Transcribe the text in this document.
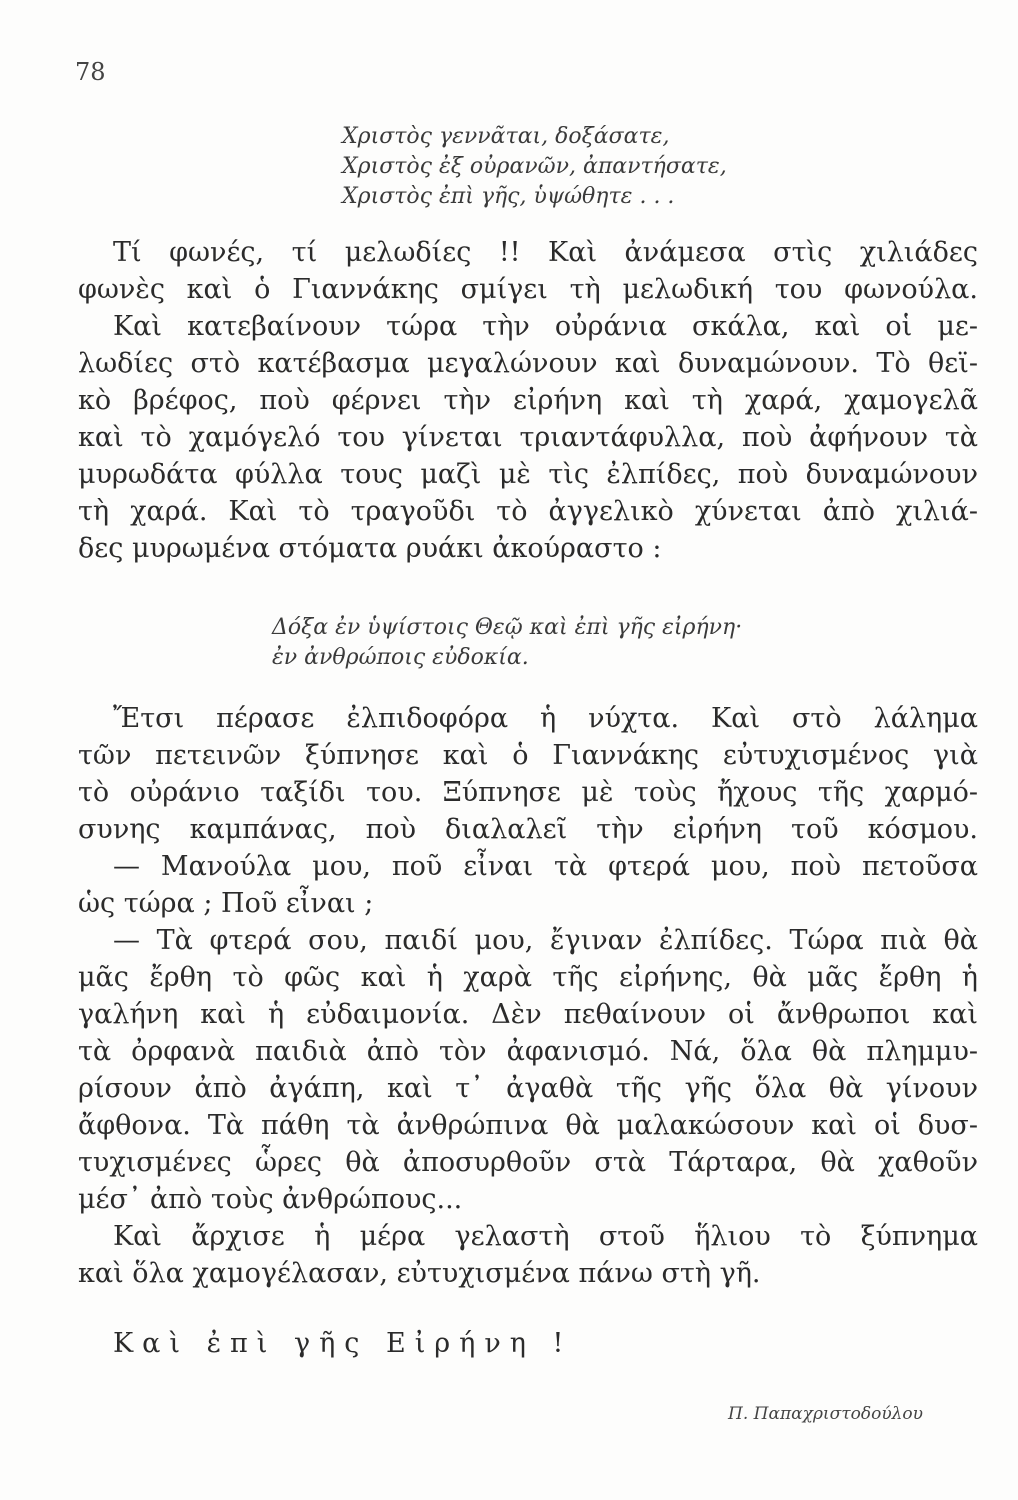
78
Χριστὸς γεννᾶται, δοξάσατε,
Χριστὸς ἐξ οὐρανῶν, ἀπαντήσατε,
Χριστὸς ἐπὶ γῆς, ὑψώθητε . . .
Τί φωνές, τί μελωδίες !! Καὶ ἀνάμεσα στὶς χιλιάδες
φωνὲς καὶ ὁ Γιαννάκης σμίγει τὴ μελωδική του φωνούλα.
Καὶ κατεβαίνουν τώρα τὴν οὐράνια σκάλα, καὶ οἱ με-
λωδίες στὸ κατέβασμα μεγαλώνουν καὶ δυναμώνουν. Τὸ θεϊ-
κὸ βρέφος, ποὺ φέρνει τὴν εἰρήνη καὶ τὴ χαρά, χαμογελᾶ
καὶ τὸ χαμόγελό του γίνεται τριαντάφυλλα, ποὺ ἀφήνουν τὰ
μυρωδάτα φύλλα τους μαζὶ μὲ τὶς ἐλπίδες, ποὺ δυναμώνουν
τὴ χαρά. Καὶ τὸ τραγοῦδι τὸ ἀγγελικὸ χύνεται ἀπὸ χιλιά-
δες μυρωμένα στόματα ρυάκι ἀκούραστο :
Δόξα ἐν ὑψίστοις Θεῷ καὶ ἐπὶ γῆς εἰρήνη·
ἐν ἀνθρώποις εὐδοκία.
Ἔτσι πέρασε ἐλπιδοφόρα ἡ νύχτα. Καὶ στὸ λάλημα
τῶν πετεινῶν ξύπνησε καὶ ὁ Γιαννάκης εὐτυχισμένος γιὰ
τὸ οὐράνιο ταξίδι του. Ξύπνησε μὲ τοὺς ἤχους τῆς χαρμό-
συνης καμπάνας, ποὺ διαλαλεῖ τὴν εἰρήνη τοῦ κόσμου.
— Μανούλα μου, ποῦ εἶναι τὰ φτερά μου, ποὺ πετοῦσα
ὡς τώρα ; Ποῦ εἶναι ;
— Τὰ φτερά σου, παιδί μου, ἔγιναν ἐλπίδες. Τώρα πιὰ θὰ
μᾶς ἔρθη τὸ φῶς καὶ ἡ χαρὰ τῆς εἰρήνης, θὰ μᾶς ἔρθη ἡ
γαλήνη καὶ ἡ εὐδαιμονία. Δὲν πεθαίνουν οἱ ἄνθρωποι καὶ
τὰ ὀρφανὰ παιδιὰ ἀπὸ τὸν ἀφανισμό. Νά, ὅλα θὰ πλημμυ-
ρίσουν ἀπὸ ἀγάπη, καὶ τ᾽ ἀγαθὰ τῆς γῆς ὅλα θὰ γίνουν
ἄφθονα. Τὰ πάθη τὰ ἀνθρώπινα θὰ μαλακώσουν καὶ οἱ δυσ-
τυχισμένες ὧρες θὰ ἀποσυρθοῦν στὰ Τάρταρα, θὰ χαθοῦν
μέσ᾽ ἀπὸ τοὺς ἀνθρώπους...
Καὶ ἄρχισε ἡ μέρα γελαστὴ στοῦ ἥλιου τὸ ξύπνημα
καὶ ὅλα χαμογέλασαν, εὐτυχισμένα πάνω στὴ γῆ.
Καὶ ἐπὶ γῆς Εἰρήνη !
Π. Παπαχριστοδούλου
